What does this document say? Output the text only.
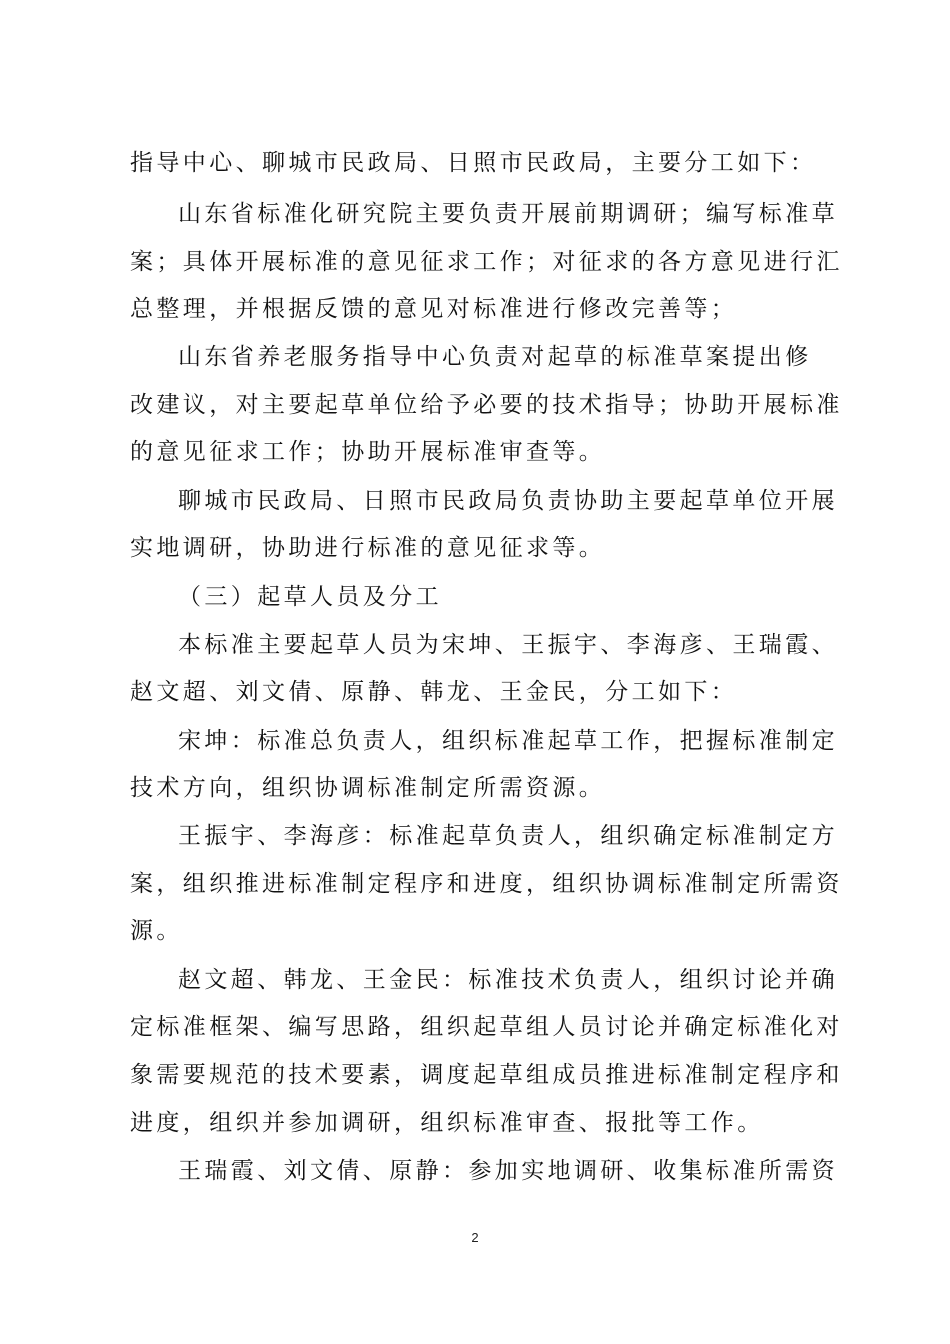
指导中心、聊城市民政局、日照市民政局，主要分工如下：
山东省标准化研究院主要负责开展前期调研；编写标准草
案；具体开展标准的意见征求工作；对征求的各方意见进行汇
总整理，并根据反馈的意见对标准进行修改完善等；
山东省养老服务指导中心负责对起草的标准草案提出修
改建议，对主要起草单位给予必要的技术指导；协助开展标准
的意见征求工作；协助开展标准审查等。
聊城市民政局、日照市民政局负责协助主要起草单位开展
实地调研，协助进行标准的意见征求等。
（三）起草人员及分工
本标准主要起草人员为宋坤、王振宇、李海彦、王瑞霞、
赵文超、刘文倩、原静、韩龙、王金民，分工如下：
宋坤：标准总负责人，组织标准起草工作，把握标准制定
技术方向，组织协调标准制定所需资源。
王振宇、李海彦：标准起草负责人，组织确定标准制定方
案，组织推进标准制定程序和进度，组织协调标准制定所需资
源。
赵文超、韩龙、王金民：标准技术负责人，组织讨论并确
定标准框架、编写思路，组织起草组人员讨论并确定标准化对
象需要规范的技术要素，调度起草组成员推进标准制定程序和
进度，组织并参加调研，组织标准审查、报批等工作。
王瑞霞、刘文倩、原静：参加实地调研、收集标准所需资
2
